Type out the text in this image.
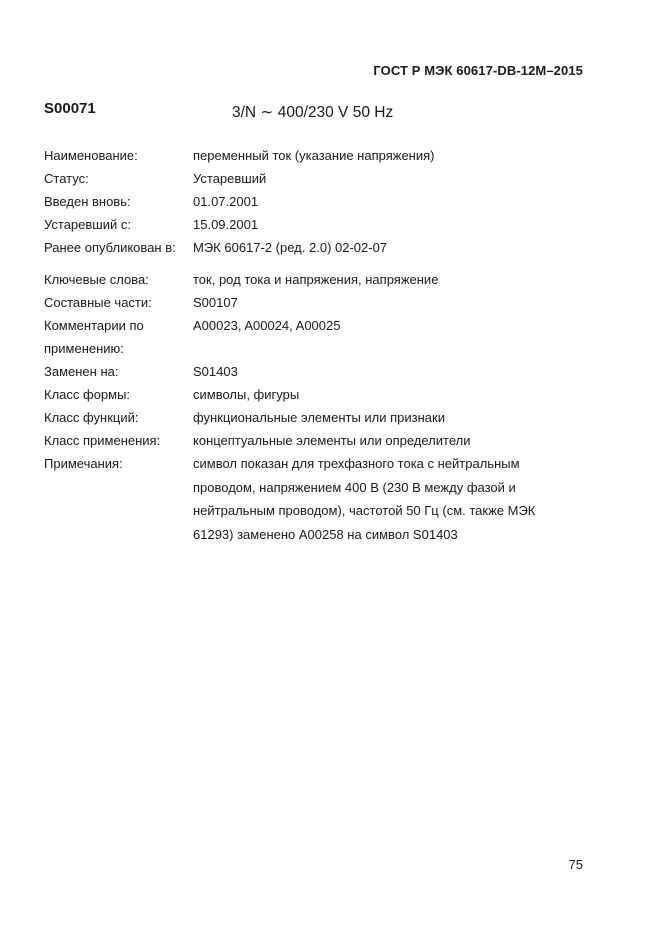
ГОСТ Р МЭК 60617-DB-12M–2015
S00071	3/N ∼ 400/230 V 50 Hz
Наименование:	переменный ток (указание напряжения)
Статус:	Устаревший
Введен вновь:	01.07.2001
Устаревший с:	15.09.2001
Ранее опубликован в:	МЭК 60617-2 (ред. 2.0) 02-02-07
Ключевые слова:	ток, род тока и напряжения, напряжение
Составные части:	S00107
Комментарии по
применению:
A00023, A00024, A00025
Заменен на:	S01403
Класс формы:	символы, фигуры
Класс функций:	функциональные элементы или признаки
Класс применения:	концептуальные элементы или определители
Примечания:	символ показан для трехфазного тока с нейтральным
проводом, напряжением 400 В (230 В между фазой и
нейтральным проводом), частотой 50 Гц (см. также МЭК
61293) заменено A00258 на символ S01403
75
